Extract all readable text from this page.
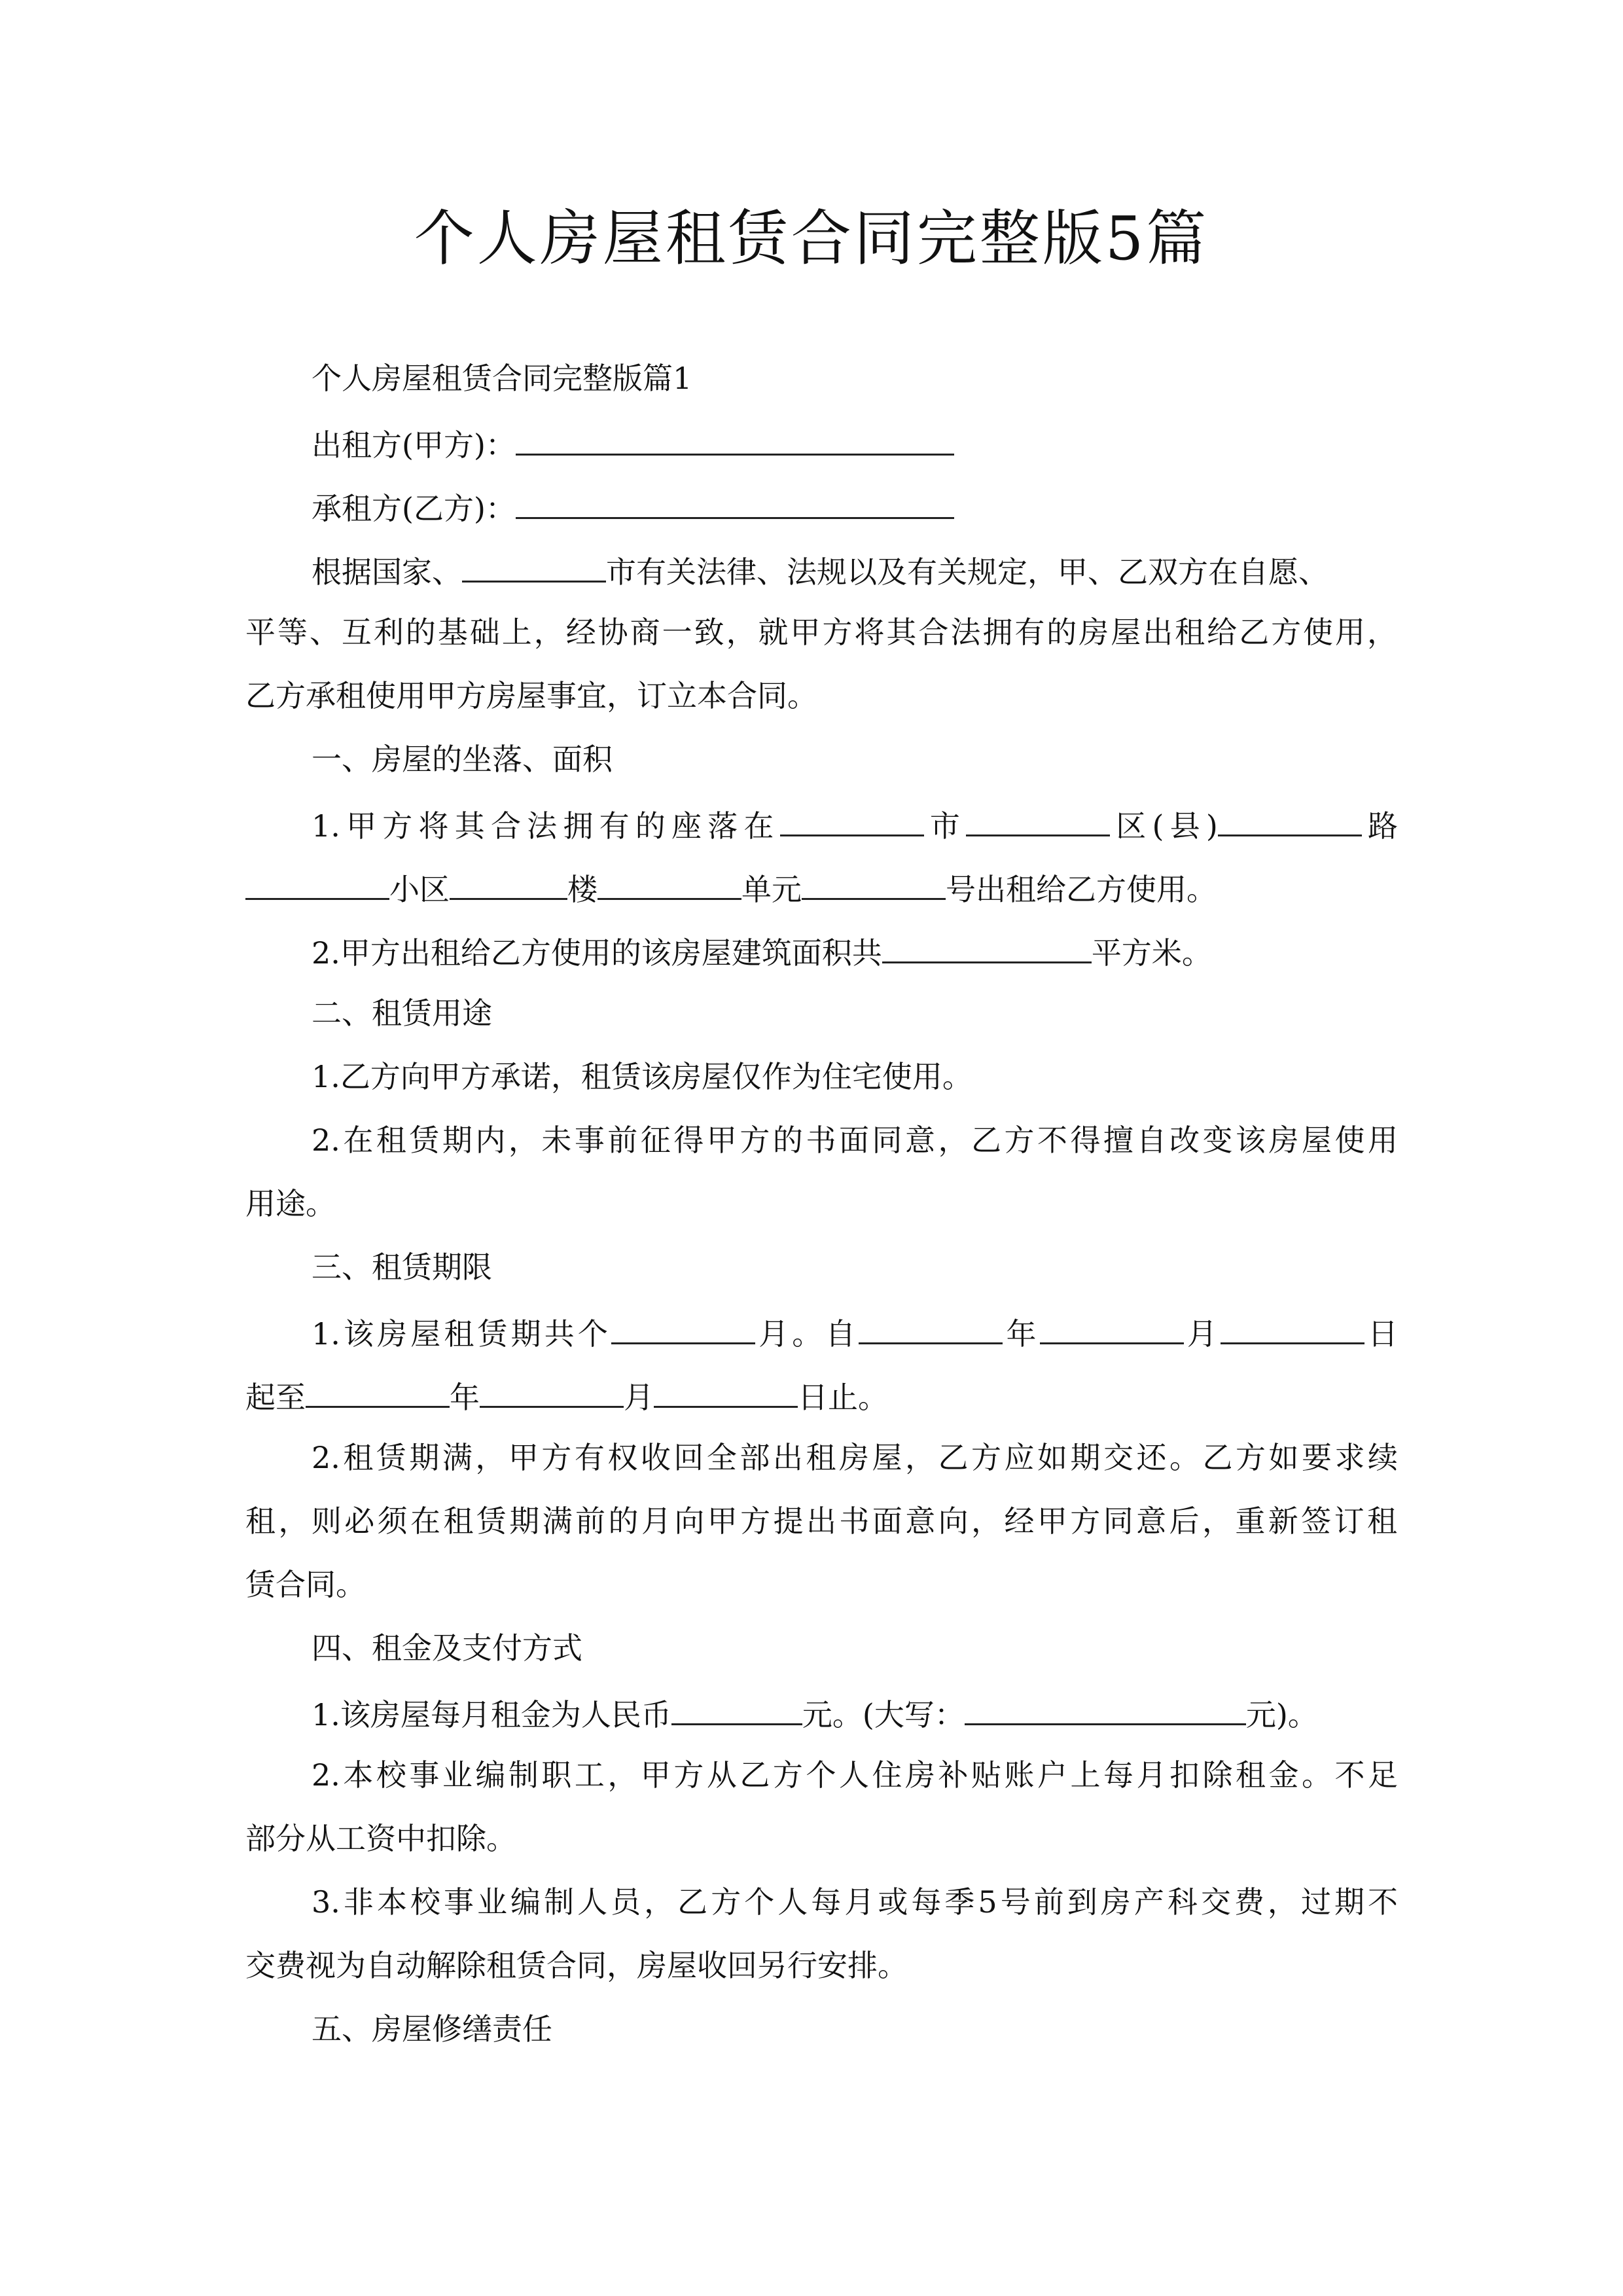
个人房屋租赁合同完整版5篇
个人房屋租赁合同完整版篇1
出租方(甲方)：
承租方(乙方)：
根据国家、	市有关法律、法规以及有关规定，甲、乙双方在自愿、
平等、互利的基础上，经协商一致，就甲方将其合法拥有的房屋出租给乙方使用，
乙方承租使用甲方房屋事宜，订立本合同。
一、房屋的坐落、面积
1.甲方将其合法拥有的座落在	市	区(县)	路
小区	楼	单元	号出租给乙方使用。
2.甲方出租给乙方使用的该房屋建筑面积共	平方米。
二、租赁用途
1.乙方向甲方承诺，租赁该房屋仅作为住宅使用。
2.在租赁期内，未事前征得甲方的书面同意，乙方不得擅自改变该房屋使用
用途。
三、租赁期限
1.该房屋租赁期共个	月。自	年	月	日
起至	年	月	日止。
2.租赁期满，甲方有权收回全部出租房屋，乙方应如期交还。乙方如要求续
租，则必须在租赁期满前的月向甲方提出书面意向，经甲方同意后，重新签订租
赁合同。
四、租金及支付方式
1.该房屋每月租金为人民币	元。(大写：	元)。
2.本校事业编制职工，甲方从乙方个人住房补贴账户上每月扣除租金。不足
部分从工资中扣除。
3.非本校事业编制人员，乙方个人每月或每季5号前到房产科交费，过期不
交费视为自动解除租赁合同，房屋收回另行安排。
五、房屋修缮责任
